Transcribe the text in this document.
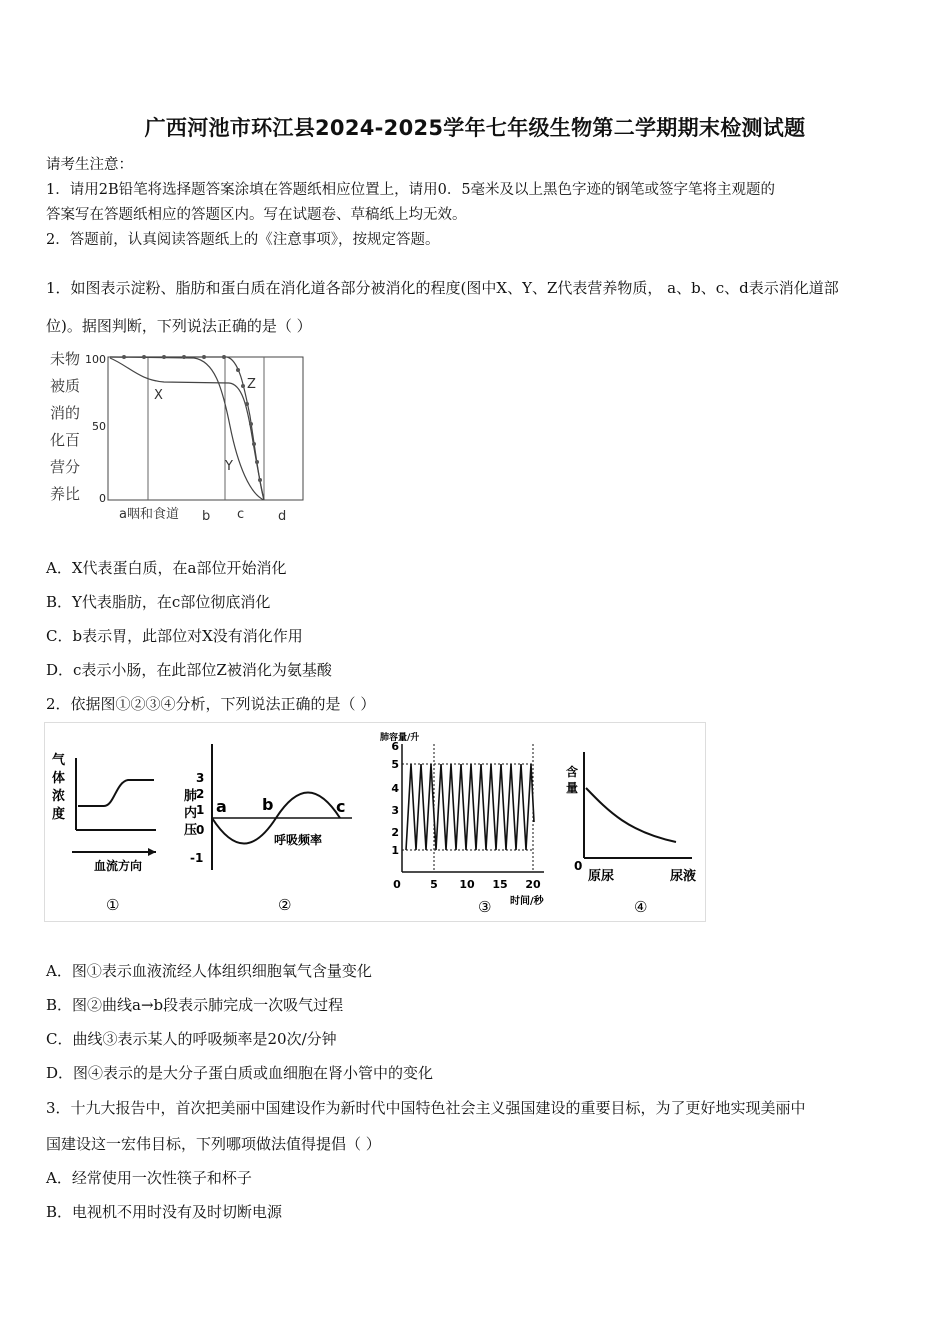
广西河池市环江县2024-2025学年七年级生物第二学期期末检测试题
请考生注意：
1．请用2B铅笔将选择题答案涂填在答题纸相应位置上，请用0．5毫米及以上黑色字迹的钢笔或签字笔将主观题的
答案写在答题纸相应的答题区内。写在试题卷、草稿纸上均无效。
2．答题前，认真阅读答题纸上的《注意事项》，按规定答题。
1．如图表示淀粉、脂肪和蛋白质在消化道各部分被消化的程度(图中X、Y、Z代表营养物质， a、b、c、d表示消化道部
位)。据图判断，下列说法正确的是（ ）
未物
被质
消的
化百
营分
养比
100
50
0
X
Y
Z
a咽和食道 b c	d
A．X代表蛋白质，在a部位开始消化
B．Y代表脂肪，在c部位彻底消化
C．b表示胃，此部位对X没有消化作用
D．c表示小肠，在此部位Z被消化为氨基酸
2．依据图①②③④分析，下列说法正确的是（ ）
气
体
浓
度
血流方向
①
3
2
1
0
-1
肺
内
压
a b	c
呼吸频率
②
肺容量/升
6
5
4
3
2
1
0	5 10 15 20
时间/秒
③
含
量
0
原尿	尿液
④
A．图①表示血液流经人体组织细胞氧气含量变化
B．图②曲线a→b段表示肺完成一次吸气过程
C．曲线③表示某人的呼吸频率是20次/分钟
D．图④表示的是大分子蛋白质或血细胞在肾小管中的变化
3．十九大报告中，首次把美丽中国建设作为新时代中国特色社会主义强国建设的重要目标，为了更好地实现美丽中
国建设这一宏伟目标，下列哪项做法值得提倡（ ）
A．经常使用一次性筷子和杯子
B．电视机不用时没有及时切断电源
